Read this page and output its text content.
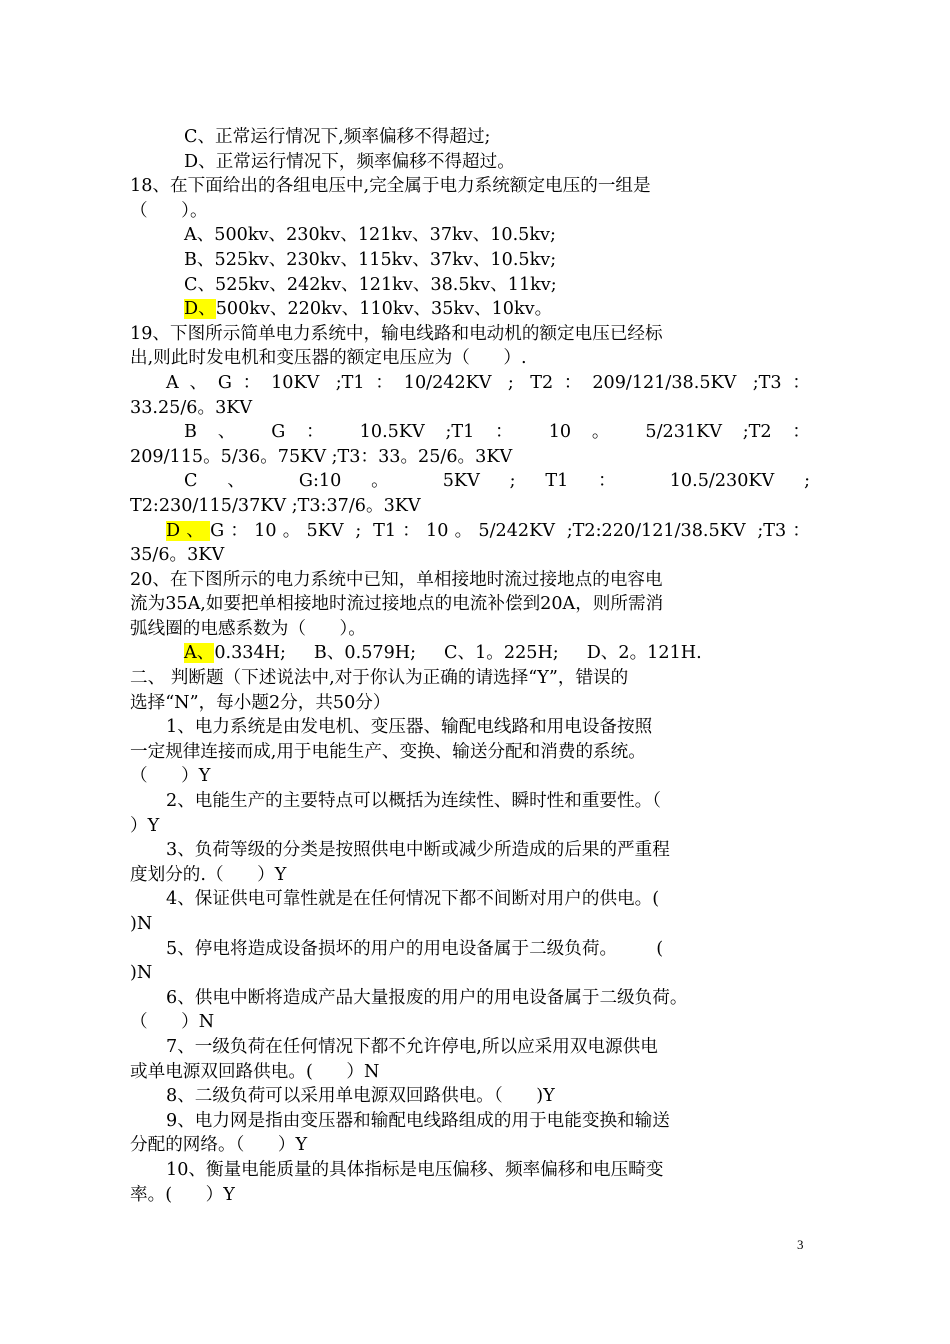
C、正常运行情况下,频率偏移不得超过;
D、正常运行情况下，频率偏移不得超过。
18、在下面给出的各组电压中,完全属于电力系统额定电压的一组是
（      ）。
A、500kv、230kv、121kv、37kv、10.5kv;
B、525kv、230kv、115kv、37kv、10.5kv;
C、525kv、242kv、121kv、38.5kv、11kv;
D、500kv、220kv、110kv、35kv、10kv。
19、下图所示简单电力系统中，输电线路和电动机的额定电压已经标
出,则此时发电机和变压器的额定电压应为（      ）.
A、G：10KV ;T1：10/242KV ; T2：209/121/38.5KV ;T3：
33.25/6。3KV
B 、 G ： 10.5KV ;T1 ： 10 。 5/231KV ;T2 ：
209/115。5/36。75KV ;T3：33。25/6。3KV
C 、 G:10 。 5KV ; T1 ： 10.5/230KV ;
T2:230/115/37KV ;T3:37/6。3KV
D、G：10。5KV ; T1：10。5/242KV ;T2:220/121/38.5KV ;T3：
35/6。3KV
20、在下图所示的电力系统中已知，单相接地时流过接地点的电容电
流为35A,如要把单相接地时流过接地点的电流补偿到20A，则所需消
弧线圈的电感系数为（      ）。
A、0.334H;     B、0.579H;     C、1。225H;     D、2。121H.
二、 判断题（下述说法中,对于你认为正确的请选择“Y”，错误的
选择“N”，每小题2分，共50分）
1、电力系统是由发电机、变压器、输配电线路和用电设备按照
一定规律连接而成,用于电能生产、变换、输送分配和消费的系统。
（      ）Y
2、电能生产的主要特点可以概括为连续性、瞬时性和重要性。（
）Y
3、负荷等级的分类是按照供电中断或减少所造成的后果的严重程
度划分的.（      ）Y
4、保证供电可靠性就是在任何情况下都不间断对用户的供电。(
)N
5、停电将造成设备损坏的用户的用电设备属于二级负荷。       (
)N
6、供电中断将造成产品大量报废的用户的用电设备属于二级负荷。
（      ）N
7、一级负荷在任何情况下都不允许停电,所以应采用双电源供电
或单电源双回路供电。(      ）N
8、二级负荷可以采用单电源双回路供电。（      )Y
9、电力网是指由变压器和输配电线路组成的用于电能变换和输送
分配的网络。（      ）Y
10、衡量电能质量的具体指标是电压偏移、频率偏移和电压畸变
率。(      ）Y
3
